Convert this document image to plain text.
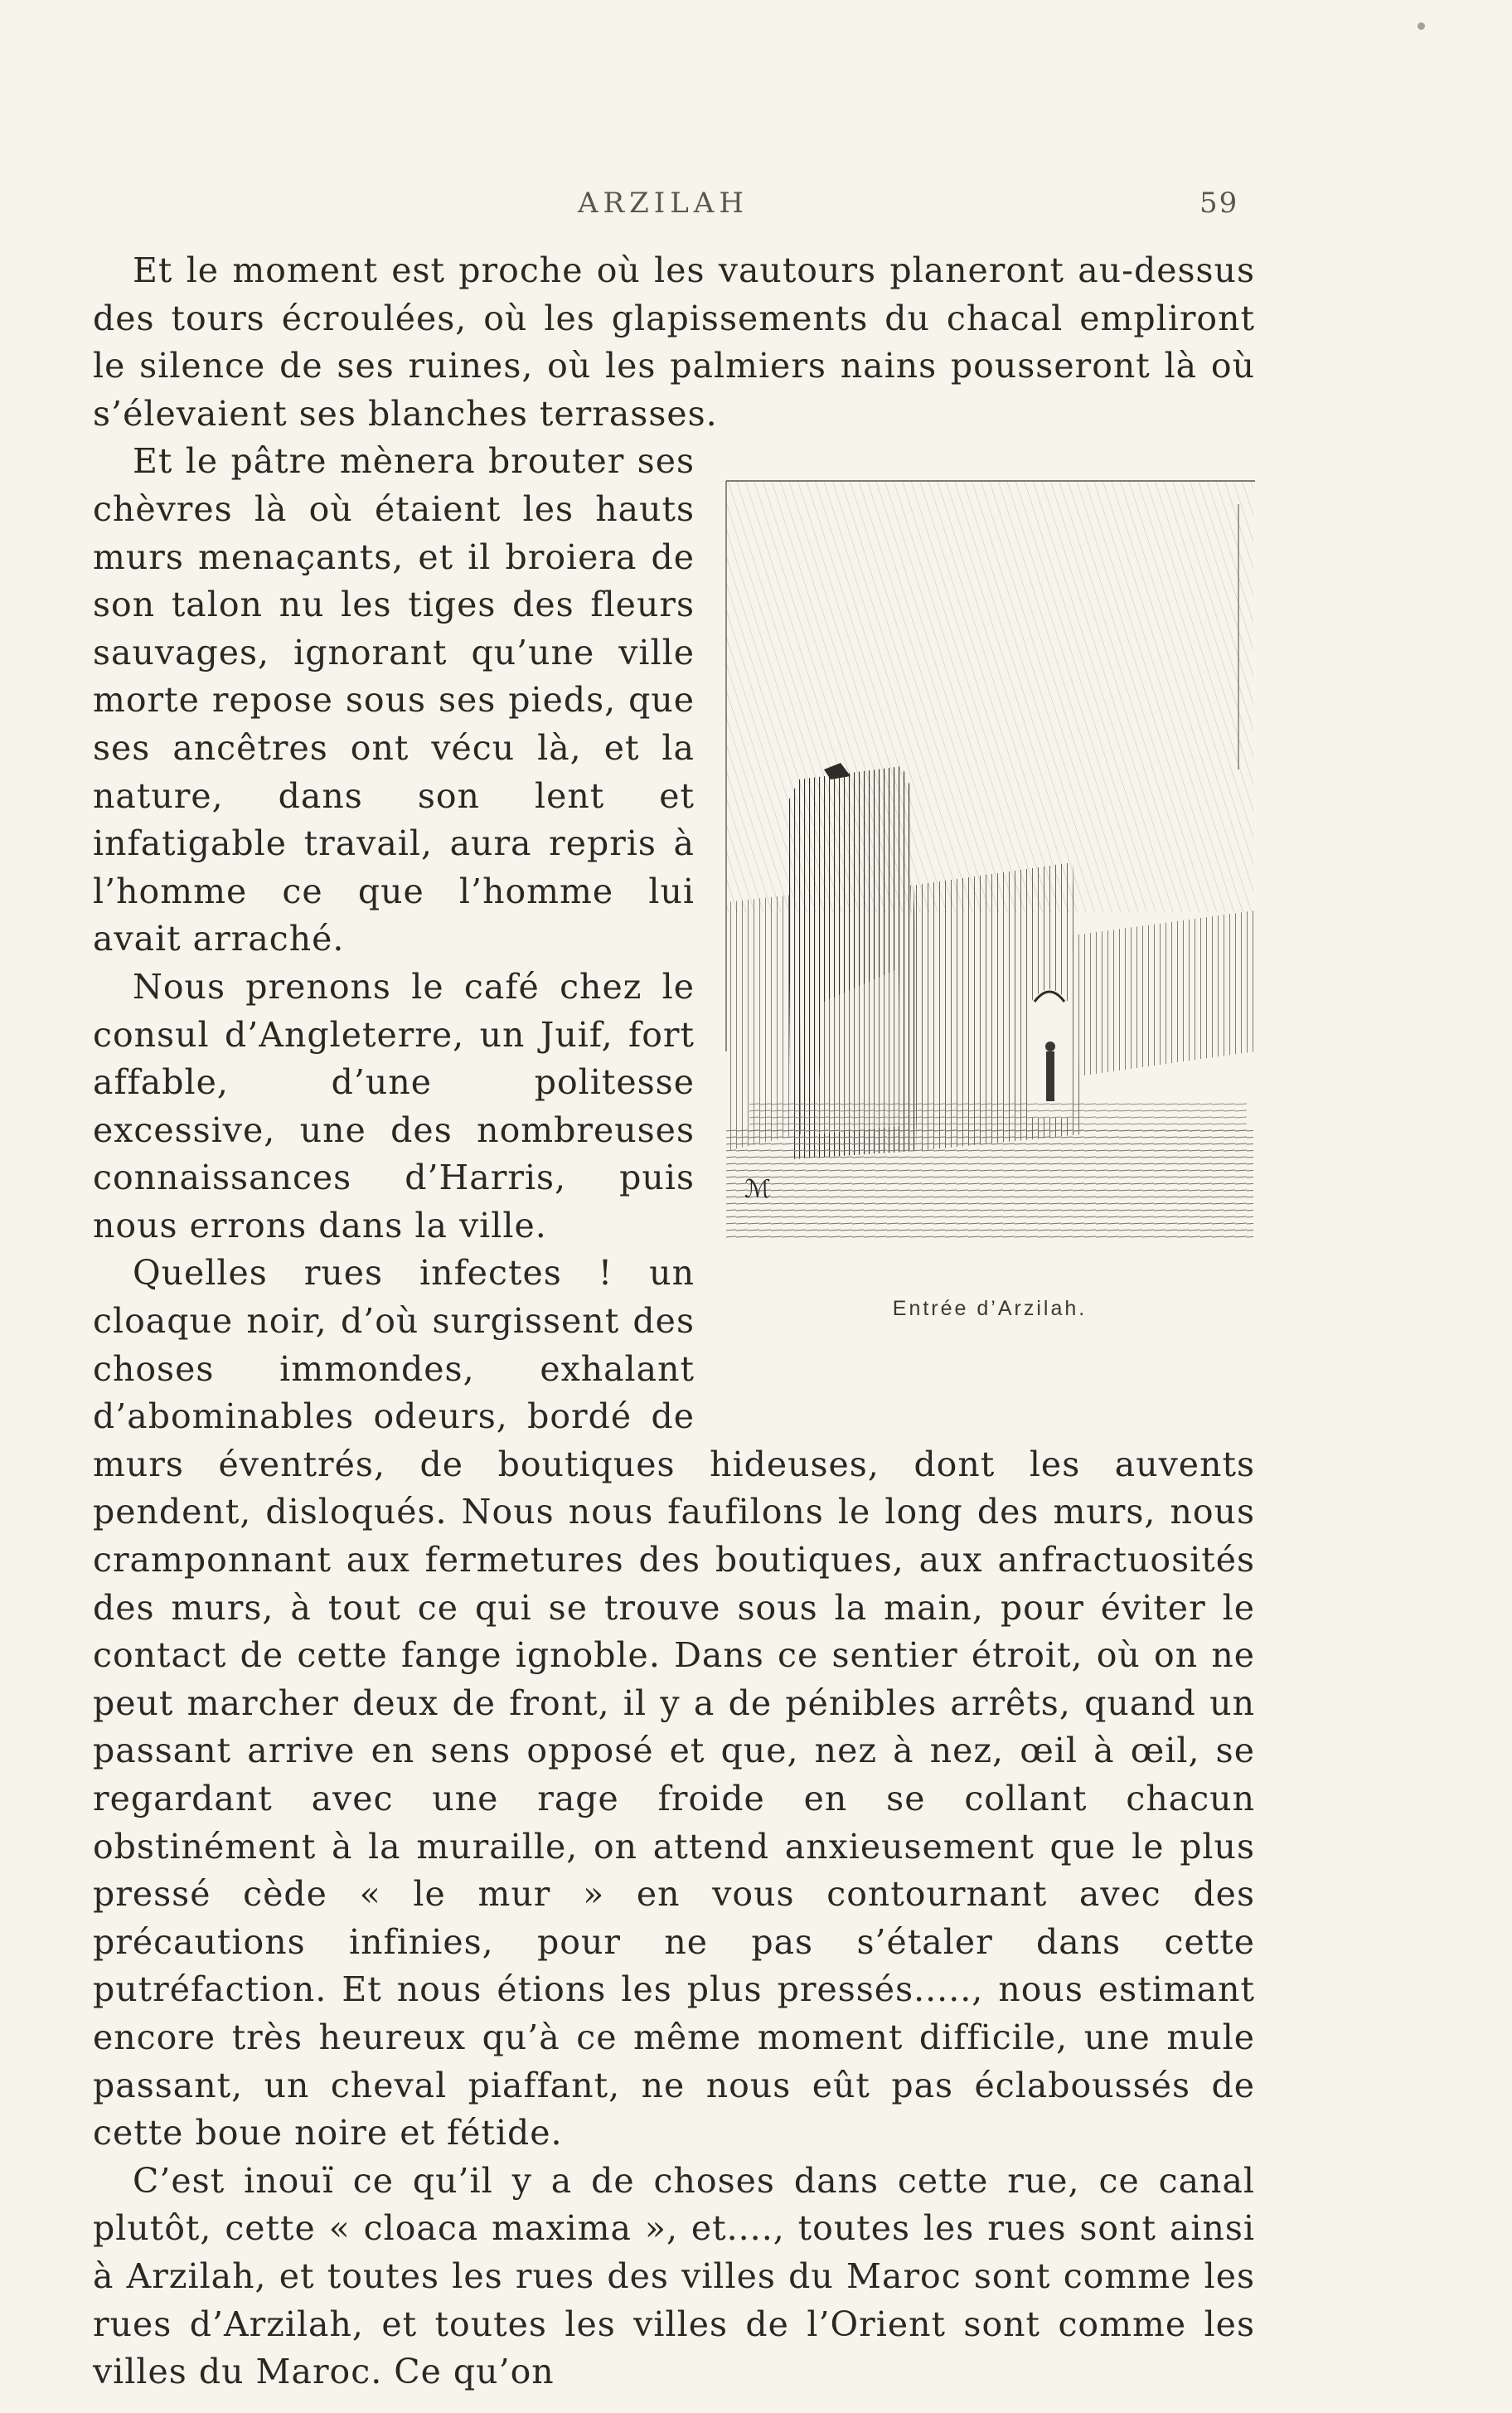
ARZILAH	59

Et le moment est proche où les vautours planeront au-dessus des tours écroulées, où les glapissements du chacal empliront le silence de ses ruines, où les palmiers nains pousseront là où s’élevaient ses blanches terrasses.

ℳ
Entrée d’Arzilah.

Et le pâtre mènera brouter ses chèvres là où étaient les hauts murs menaçants, et il broiera de son talon nu les tiges des fleurs sauvages, ignorant qu’une ville morte repose sous ses pieds, que ses ancêtres ont vécu là, et la nature, dans son lent et infatigable travail, aura repris à l’homme ce que l’homme lui avait arraché.

Nous prenons le café chez le consul d’Angleterre, un Juif, fort affable, d’une politesse excessive, une des nombreuses connaissances d’Harris, puis nous errons dans la ville.

Quelles rues infectes ! un cloaque noir, d’où surgissent des choses immondes, exhalant d’abominables odeurs, bordé de murs éventrés, de boutiques hideuses, dont les auvents pendent, disloqués. Nous nous faufilons le long des murs, nous cramponnant aux fermetures des boutiques, aux anfractuosités des murs, à tout ce qui se trouve sous la main, pour éviter le contact de cette fange ignoble. Dans ce sentier étroit, où on ne peut marcher deux de front, il y a de pénibles arrêts, quand un passant arrive en sens opposé et que, nez à nez, œil à œil, se regardant avec une rage froide en se collant chacun obstinément à la muraille, on attend anxieusement que le plus pressé cède « le mur » en vous contournant avec des précautions infinies, pour ne pas s’étaler dans cette putréfaction. Et nous étions les plus pressés....., nous estimant encore très heureux qu’à ce même moment difficile, une mule passant, un cheval piaffant, ne nous eût pas éclaboussés de cette boue noire et fétide.

C’est inouï ce qu’il y a de choses dans cette rue, ce canal plutôt, cette « cloaca maxima », et...., toutes les rues sont ainsi à Arzilah, et toutes les rues des villes du Maroc sont comme les rues d’Arzilah, et toutes les villes de l’Orient sont comme les villes du Maroc. Ce qu’on
